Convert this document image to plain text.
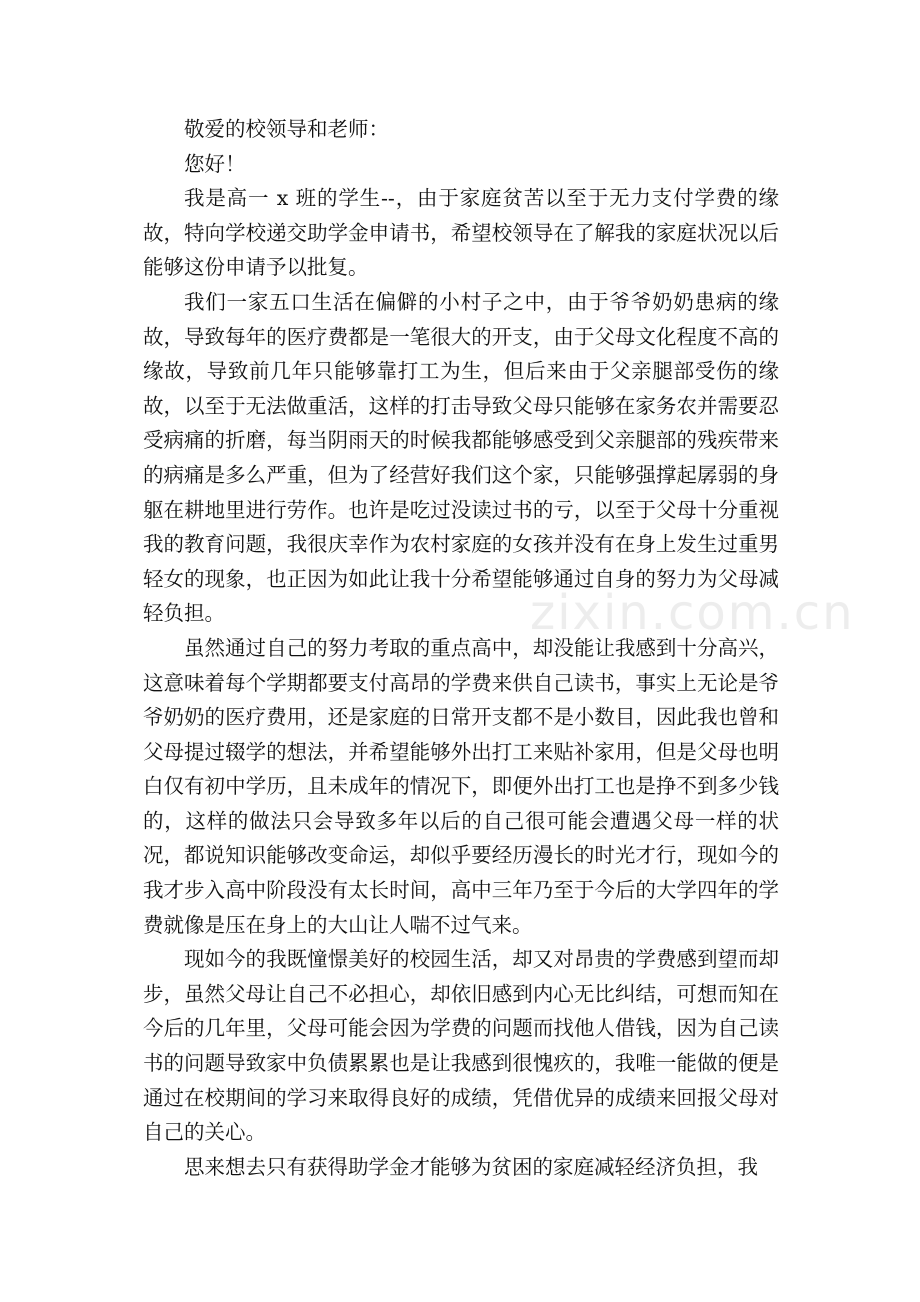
敬爱的校领导和老师：

您好！

我是高一 x 班的学生--，由于家庭贫苦以至于无力支付学费的缘故，特向学校递交助学金申请书，希望校领导在了解我的家庭状况以后能够这份申请予以批复。

我们一家五口生活在偏僻的小村子之中，由于爷爷奶奶患病的缘故，导致每年的医疗费都是一笔很大的开支，由于父母文化程度不高的缘故，导致前几年只能够靠打工为生，但后来由于父亲腿部受伤的缘故，以至于无法做重活，这样的打击导致父母只能够在家务农并需要忍受病痛的折磨，每当阴雨天的时候我都能够感受到父亲腿部的残疾带来的病痛是多么严重，但为了经营好我们这个家，只能够强撑起孱弱的身躯在耕地里进行劳作。也许是吃过没读过书的亏，以至于父母十分重视我的教育问题，我很庆幸作为农村家庭的女孩并没有在身上发生过重男轻女的现象，也正因为如此让我十分希望能够通过自身的努力为父母减轻负担。

虽然通过自己的努力考取的重点高中，却没能让我感到十分高兴，这意味着每个学期都要支付高昂的学费来供自己读书，事实上无论是爷爷奶奶的医疗费用，还是家庭的日常开支都不是小数目，因此我也曾和父母提过辍学的想法，并希望能够外出打工来贴补家用，但是父母也明白仅有初中学历，且未成年的情况下，即便外出打工也是挣不到多少钱的，这样的做法只会导致多年以后的自己很可能会遭遇父母一样的状况，都说知识能够改变命运，却似乎要经历漫长的时光才行，现如今的我才步入高中阶段没有太长时间，高中三年乃至于今后的大学四年的学费就像是压在身上的大山让人喘不过气来。

现如今的我既憧憬美好的校园生活，却又对昂贵的学费感到望而却步，虽然父母让自己不必担心，却依旧感到内心无比纠结，可想而知在今后的几年里，父母可能会因为学费的问题而找他人借钱，因为自己读书的问题导致家中负债累累也是让我感到很愧疚的，我唯一能做的便是通过在校期间的学习来取得良好的成绩，凭借优异的成绩来回报父母对自己的关心。

思来想去只有获得助学金才能够为贫困的家庭减轻经济负担，我

zixin.com.cn
